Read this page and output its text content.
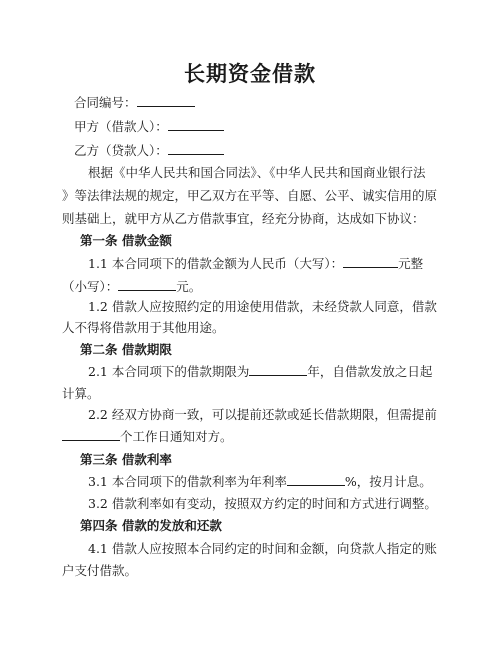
长期资金借款
合同编号：
甲方（借款人）：
乙方（贷款人）：
根据《中华人民共和国合同法》、《中华人民共和国商业银行法
》等法律法规的规定，甲乙双方在平等、自愿、公平、诚实信用的原
则基础上，就甲方从乙方借款事宜，经充分协商，达成如下协议：
第一条 借款金额
1.1 本合同项下的借款金额为人民币（大写）：	元整
（小写）：	元。
1.2 借款人应按照约定的用途使用借款，未经贷款人同意，借款
人不得将借款用于其他用途。
第二条 借款期限
2.1 本合同项下的借款期限为	年，自借款发放之日起
计算。
2.2 经双方协商一致，可以提前还款或延长借款期限，但需提前
个工作日通知对方。
第三条 借款利率
3.1 本合同项下的借款利率为年利率	%，按月计息。
3.2 借款利率如有变动，按照双方约定的时间和方式进行调整。
第四条 借款的发放和还款
4.1 借款人应按照本合同约定的时间和金额，向贷款人指定的账
户支付借款。
